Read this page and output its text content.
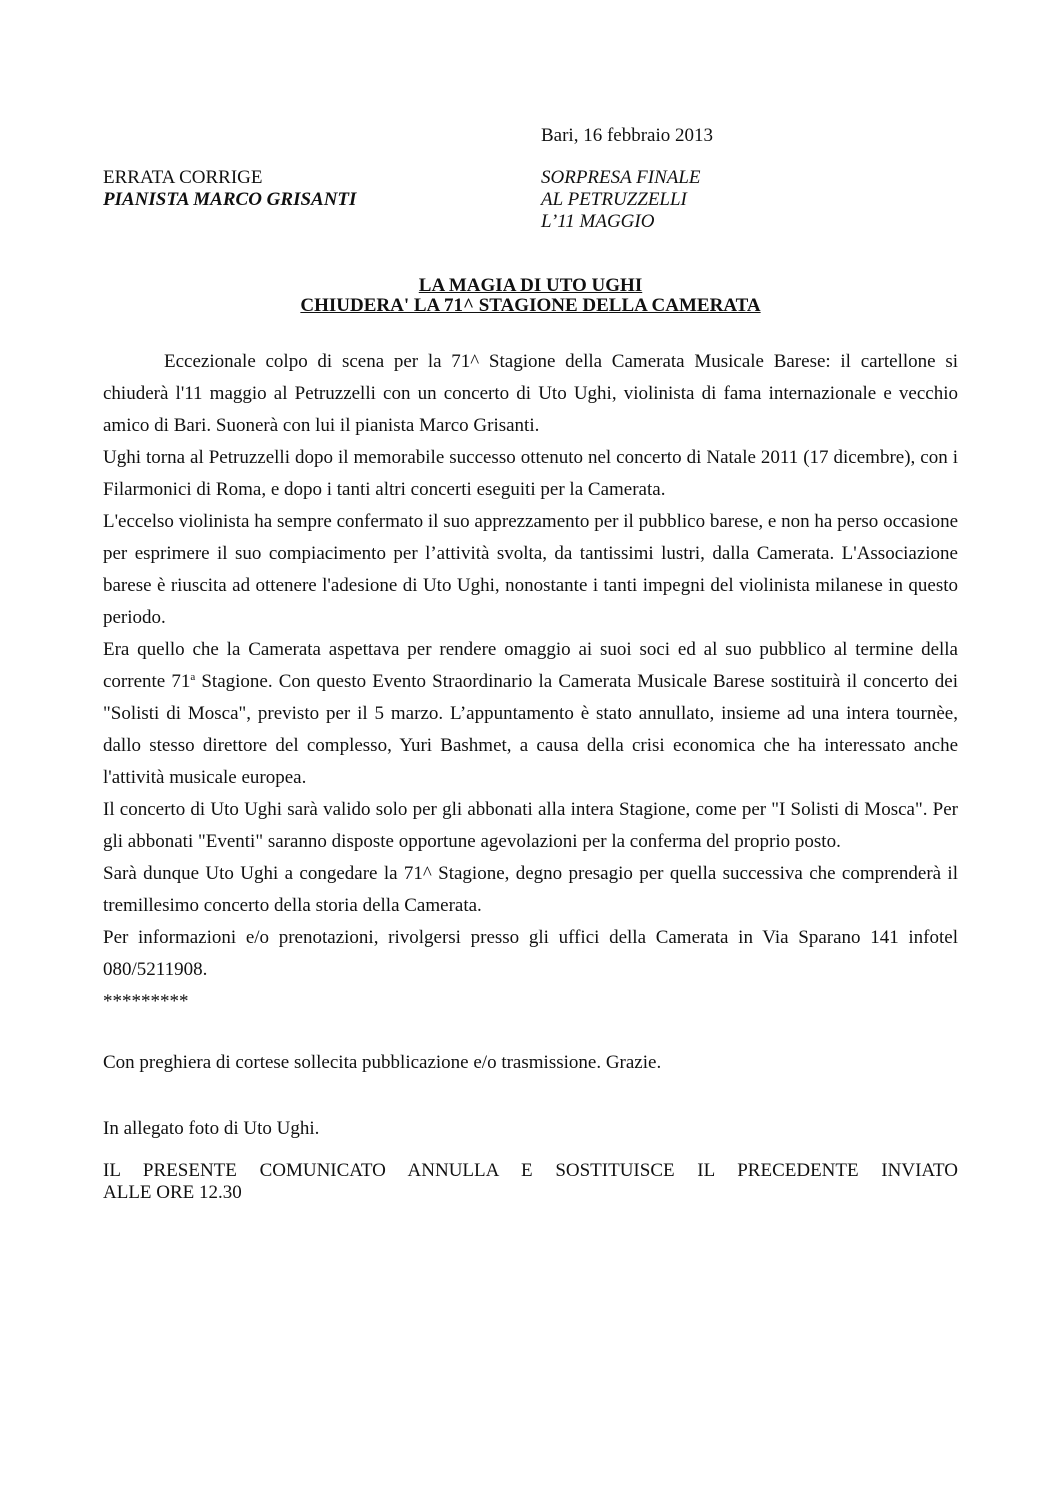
Bari, 16 febbraio 2013
ERRATA CORRIGE
PIANISTA MARCO GRISANTI
SORPRESA FINALE
AL PETRUZZELLI
L’11 MAGGIO
LA MAGIA DI UTO UGHI
CHIUDERA' LA 71^ STAGIONE DELLA CAMERATA

Eccezionale colpo di scena per la 71^ Stagione della Camerata Musicale Barese: il cartellone si chiuderà l'11 maggio al Petruzzelli con un concerto di Uto Ughi, violinista di fama internazionale e vecchio amico di Bari. Suonerà con lui il pianista Marco Grisanti.

Ughi torna al Petruzzelli dopo il memorabile successo ottenuto nel concerto di Natale 2011 (17 dicembre), con i Filarmonici di Roma, e dopo i tanti altri concerti eseguiti per la Camerata.

L'eccelso violinista ha sempre confermato il suo apprezzamento per il pubblico barese, e non ha perso occasione per esprimere il suo compiacimento per l’attività svolta, da tantissimi lustri, dalla Camerata. L'Associazione barese è riuscita ad ottenere l'adesione di Uto Ughi, nonostante i tanti impegni del violinista milanese in questo periodo.

Era quello che la Camerata aspettava per rendere omaggio ai suoi soci ed al suo pubblico al termine della corrente 71$^a$ Stagione. Con questo Evento Straordinario la Camerata Musicale Barese sostituirà il concerto dei "Solisti di Mosca", previsto per il 5 marzo. L’appuntamento è stato annullato, insieme ad una intera tournèe, dallo stesso direttore del complesso, Yuri Bashmet, a causa della crisi economica che ha interessato anche l'attività musicale europea.

Il concerto di Uto Ughi sarà valido solo per gli abbonati alla intera Stagione, come per "I Solisti di Mosca". Per gli abbonati "Eventi" saranno disposte opportune agevolazioni per la conferma del proprio posto.

Sarà dunque Uto Ughi a congedare la 71^ Stagione, degno presagio per quella successiva che comprenderà il tremillesimo concerto della storia della Camerata.

Per informazioni e/o prenotazioni, rivolgersi presso gli uffici della Camerata in Via Sparano 141 infotel 080/5211908.

*********

Con preghiera di cortese sollecita pubblicazione e/o trasmissione. Grazie.
In allegato foto di Uto Ughi.
IL PRESENTE COMUNICATO ANNULLA E SOSTITUISCE IL PRECEDENTE INVIATO
ALLE ORE 12.30
